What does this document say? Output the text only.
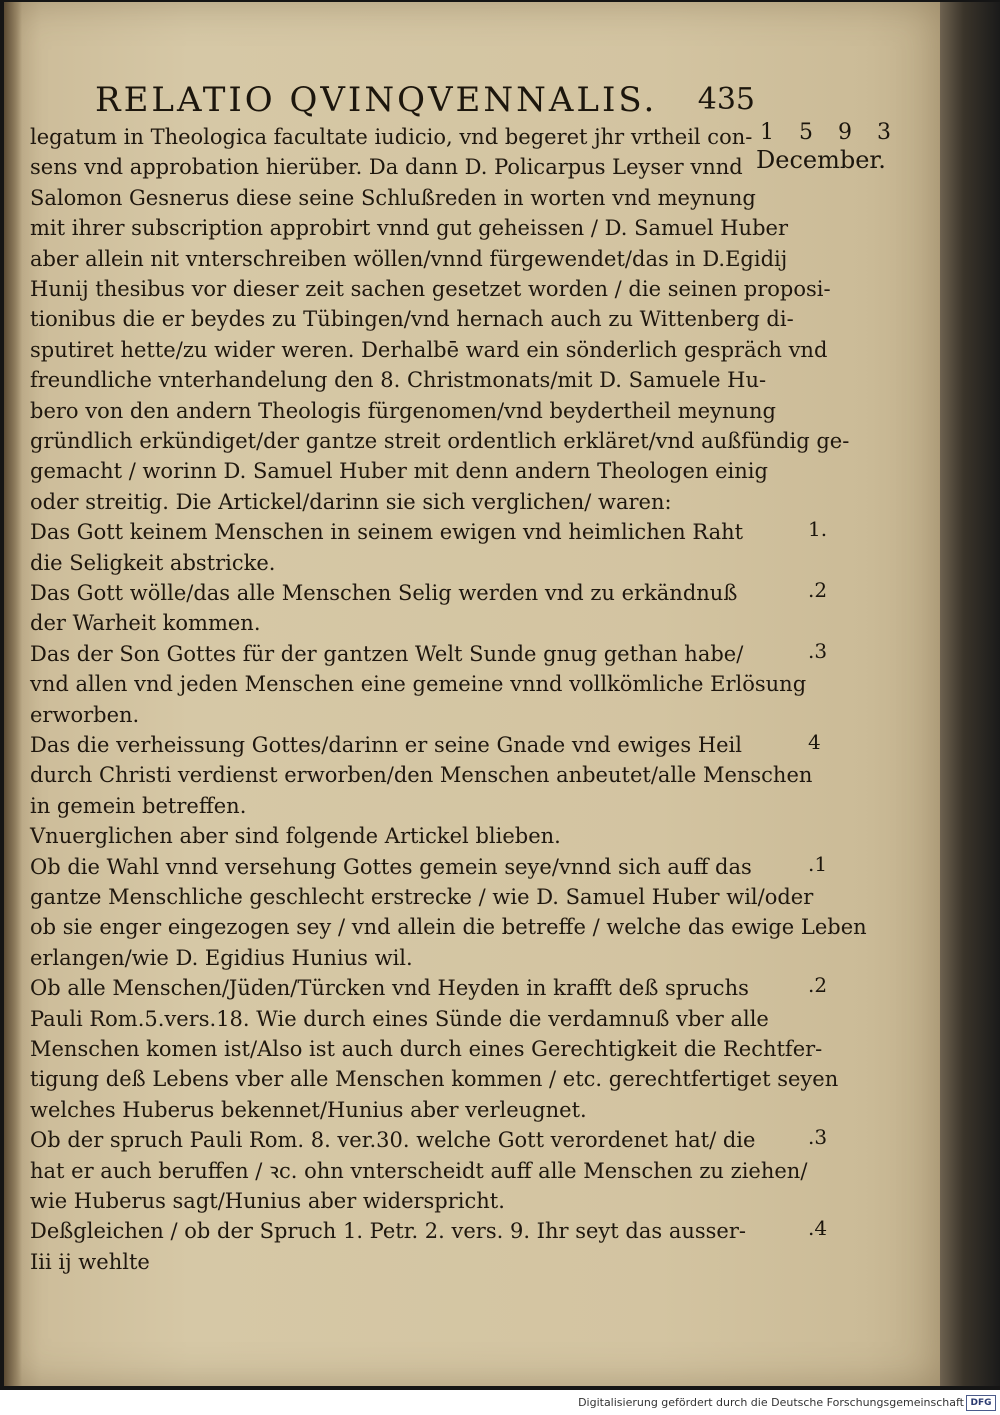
RELATIO QVINQVENNALIS. 435
1 5 9 3
December.
legatum in Theologica facultate iudicio, vnd begeret jhr vrtheil con-
sens vnd approbation hierüber. Da dann D. Policarpus Leyser vnnd
Salomon Gesnerus diese seine Schlußreden in worten vnd meynung
mit ihrer subscription approbirt vnnd gut geheissen / D. Samuel Huber
aber allein nit vnterschreiben wöllen/vnnd fürgewendet/das in D.Egidij
Hunij thesibus vor dieser zeit sachen gesetzet worden / die seinen proposi-
tionibus die er beydes zu Tübingen/vnd hernach auch zu Wittenberg di-
sputiret hette/zu wider weren. Derhalbē ward ein sönderlich gespräch vnd
freundliche vnterhandelung den 8. Christmonats/mit D. Samuele Hu-
bero von den andern Theologis fürgenomen/vnd beydertheil meynung
gründlich erkündiget/der gantze streit ordentlich erkläret/vnd außfündig ge-
gemacht / worinn D. Samuel Huber mit denn andern Theologen einig
oder streitig. Die Artickel/darinn sie sich verglichen/ waren:
Das Gott keinem Menschen in seinem ewigen vnd heimlichen Raht
die Seligkeit abstricke.
Das Gott wölle/das alle Menschen Selig werden vnd zu erkändnuß
der Warheit kommen.
Das der Son Gottes für der gantzen Welt Sunde gnug gethan habe/
vnd allen vnd jeden Menschen eine gemeine vnnd vollkömliche Erlösung
erworben.
Das die verheissung Gottes/darinn er seine Gnade vnd ewiges Heil
durch Christi verdienst erworben/den Menschen anbeutet/alle Menschen
in gemein betreffen.
Vnuerglichen aber sind folgende Artickel blieben.
Ob die Wahl vnnd versehung Gottes gemein seye/vnnd sich auff das
gantze Menschliche geschlecht erstrecke / wie D. Samuel Huber wil/oder
ob sie enger eingezogen sey / vnd allein die betreffe / welche das ewige Leben
erlangen/wie D. Egidius Hunius wil.
Ob alle Menschen/Jüden/Türcken vnd Heyden in krafft deß spruchs
Pauli Rom.5.vers.18. Wie durch eines Sünde die verdamnuß vber alle
Menschen komen ist/Also ist auch durch eines Gerechtigkeit die Rechtfer-
tigung deß Lebens vber alle Menschen kommen / etc. gerechtfertiget seyen
welches Huberus bekennet/Hunius aber verleugnet.
Ob der spruch Pauli Rom. 8. ver.30. welche Gott verordenet hat/ die
hat er auch beruffen / ꝛc. ohn vnterscheidt auff alle Menschen zu ziehen/
wie Huberus sagt/Hunius aber widerspricht.
Deßgleichen / ob der Spruch 1. Petr. 2. vers. 9. Ihr seyt das ausser-
Iii ij wehlte
1.
.2
.3
4
.1
.2
.3
.4
Digitalisierung gefördert durch die Deutsche Forschungsgemeinschaft DFG
